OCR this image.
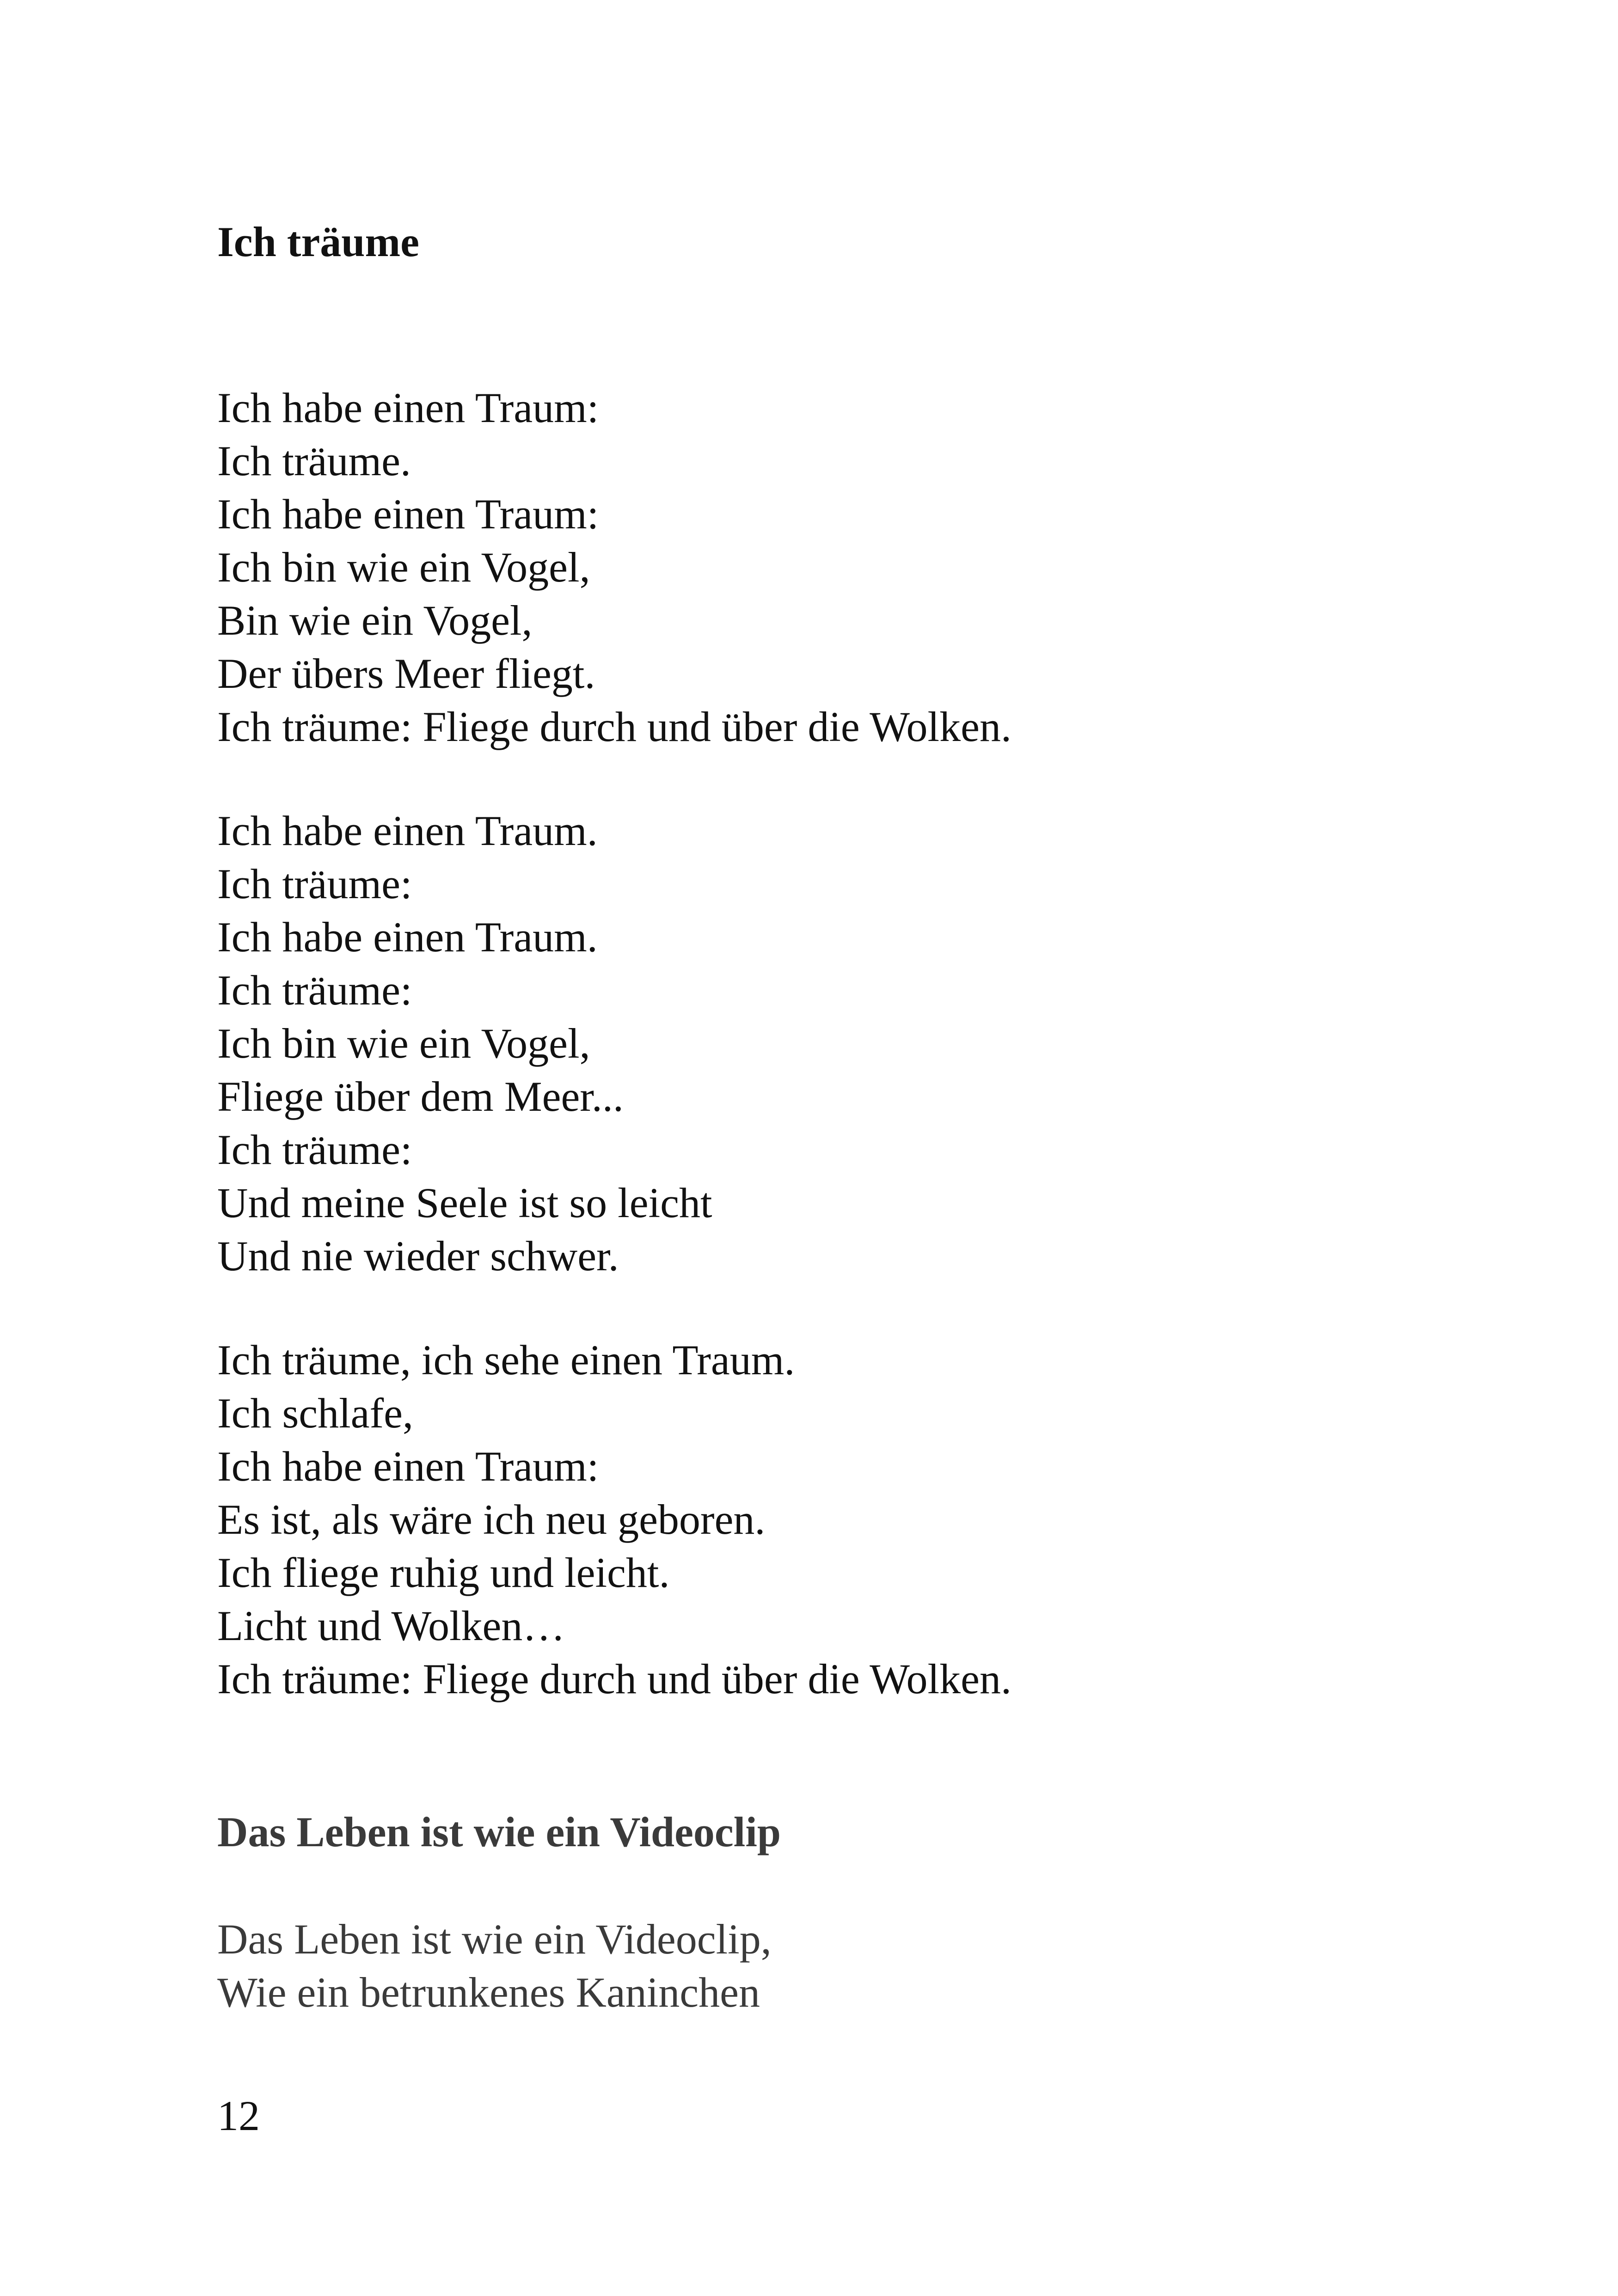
Ich träume

Ich habe einen Traum:

Ich träume.

Ich habe einen Traum:

Ich bin wie ein Vogel,

Bin wie ein Vogel,

Der übers Meer fliegt.

Ich träume: Fliege durch und über die Wolken.

Ich habe einen Traum.

Ich träume:

Ich habe einen Traum.

Ich träume:

Ich bin wie ein Vogel,

Fliege über dem Meer...

Ich träume:

Und meine Seele ist so leicht

Und nie wieder schwer.

Ich träume, ich sehe einen Traum.

Ich schlafe,

Ich habe einen Traum:

Es ist, als wäre ich neu geboren.

Ich fliege ruhig und leicht.

Licht und Wolken…

Ich träume: Fliege durch und über die Wolken.

Das Leben ist wie ein Videoclip

Das Leben ist wie ein Videoclip,

Wie ein betrunkenes Kaninchen

12
